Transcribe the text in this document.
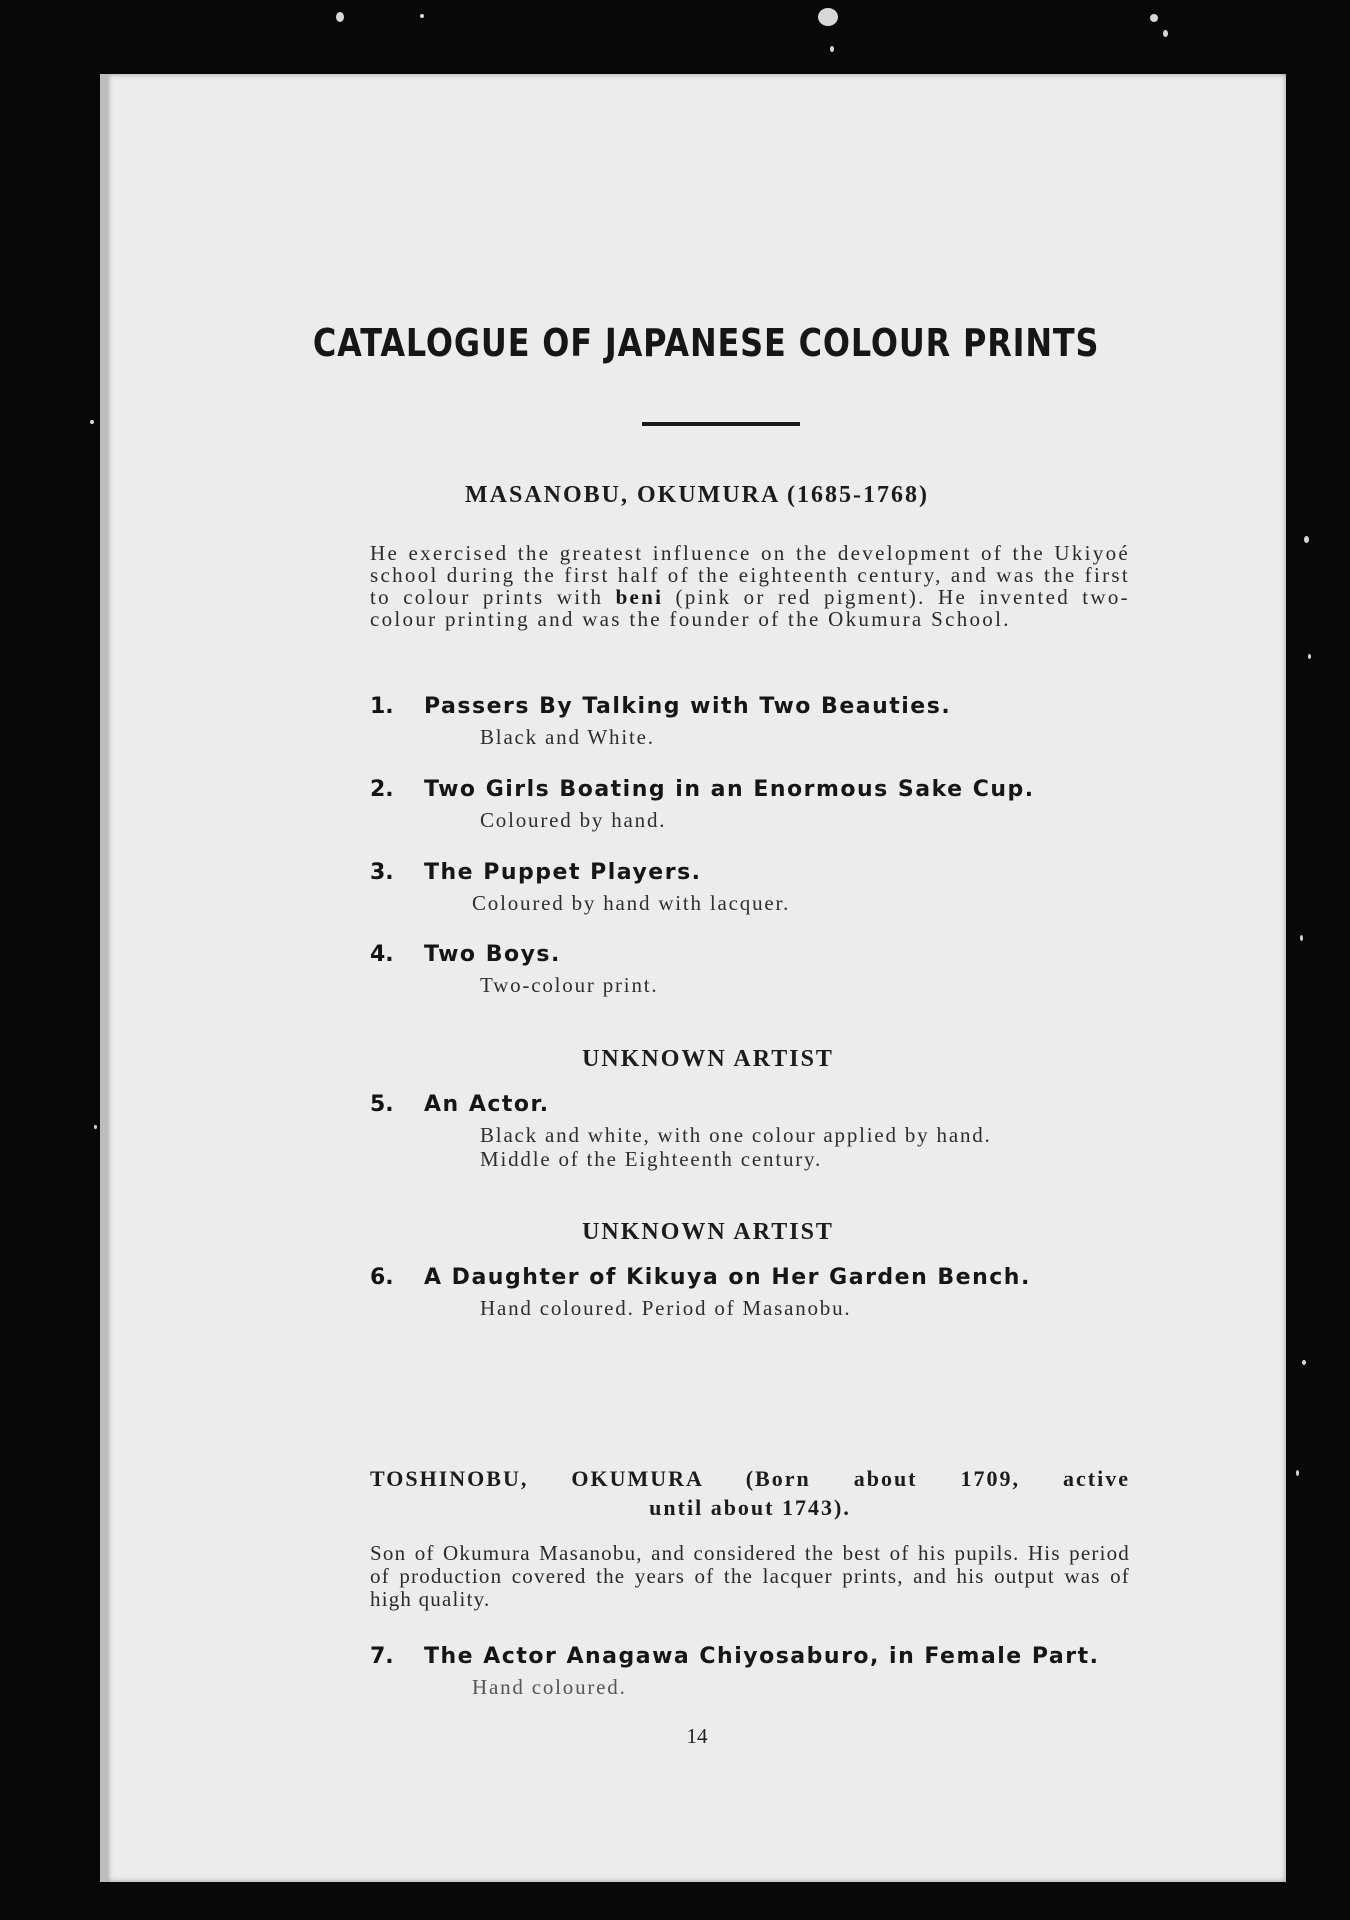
CATALOGUE OF JAPANESE COLOUR PRINTS
MASANOBU, OKUMURA (1685-1768)
He exercised the greatest influence on the development of the Ukiyoé school during the first half of the eighteenth century, and was the first to colour prints with beni (pink or red pigment). He invented two-colour printing and was the founder of the Okumura School.
1. Passers By Talking with Two Beauties.
Black and White.
2. Two Girls Boating in an Enormous Sake Cup.
Coloured by hand.
3. The Puppet Players.
Coloured by hand with lacquer.
4. Two Boys.
Two-colour print.
UNKNOWN ARTIST
5. An Actor.
Black and white, with one colour applied by hand.
Middle of the Eighteenth century.
UNKNOWN ARTIST
6. A Daughter of Kikuya on Her Garden Bench.
Hand coloured. Period of Masanobu.
TOSHINOBU, OKUMURA (Born about 1709, active
until about 1743).
Son of Okumura Masanobu, and considered the best of his pupils. His period of production covered the years of the lacquer prints, and his output was of high quality.
7. The Actor Anagawa Chiyosaburo, in Female Part.
Hand coloured.
14
